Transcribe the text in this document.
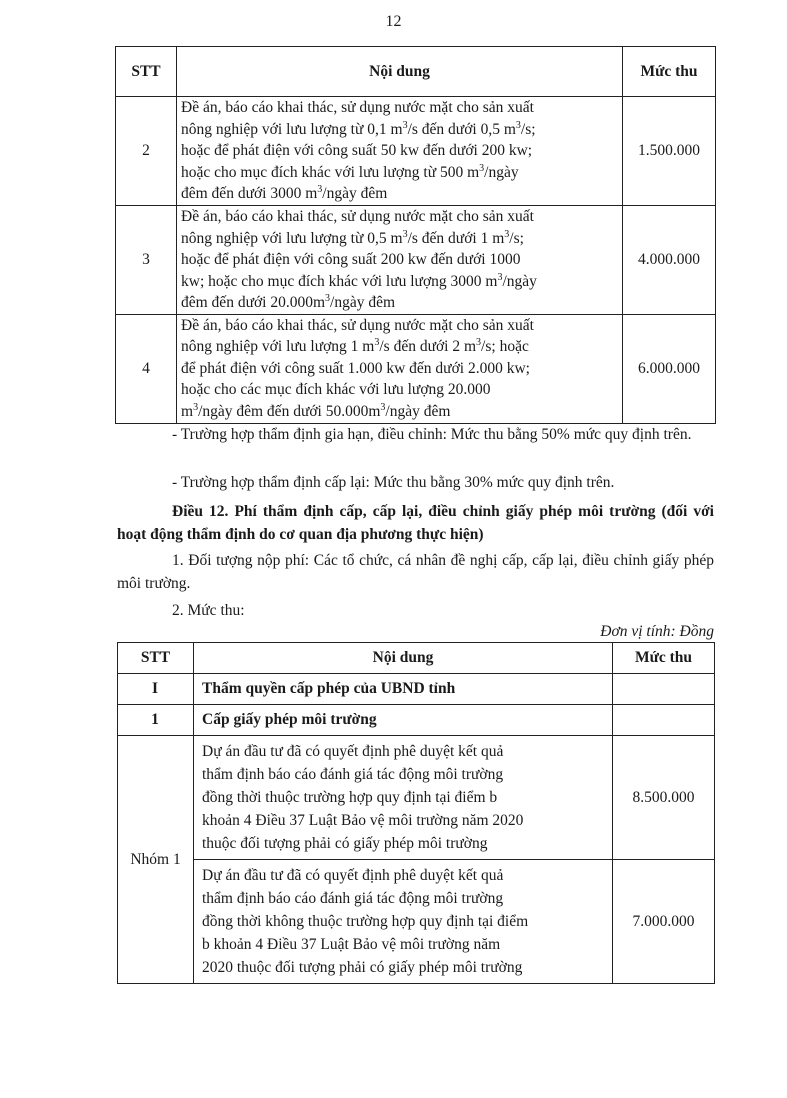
12
STT	Nội dung	Mức thu
2	Đề án, báo cáo khai thác, sử dụng nước mặt cho sản xuất
nông nghiệp với lưu lượng từ 0,1 $m^3/s$ đến dưới 0,5 $m^3/s$;
hoặc để phát điện với công suất 50 kw đến dưới 200 kw;
hoặc cho mục đích khác với lưu lượng từ 500 $m^3$/ngày
đêm đến dưới 3000 $m^3$/ngày đêm	1.500.000
3	Đề án, báo cáo khai thác, sử dụng nước mặt cho sản xuất
nông nghiệp với lưu lượng từ 0,5 $m^3/s$ đến dưới 1 $m^3/s$;
hoặc để phát điện với công suất 200 kw đến dưới 1000
kw; hoặc cho mục đích khác với lưu lượng 3000 $m^3$/ngày
đêm đến dưới $20.000m^3$/ngày đêm	4.000.000
4	Đề án, báo cáo khai thác, sử dụng nước mặt cho sản xuất
nông nghiệp với lưu lượng 1 $m^3/s$ đến dưới 2 $m^3/s$; hoặc
để phát điện với công suất 1.000 kw đến dưới 2.000 kw;
hoặc cho các mục đích khác với lưu lượng 20.000
$m^3$/ngày đêm đến dưới $50.000m^3$/ngày đêm	6.000.000
- Trường hợp thẩm định gia hạn, điều chỉnh: Mức thu bằng 50% mức quy định trên.
- Trường hợp thẩm định cấp lại: Mức thu bằng 30% mức quy định trên.
Điều 12. Phí thẩm định cấp, cấp lại, điều chỉnh giấy phép môi trường (đối với hoạt động thẩm định do cơ quan địa phương thực hiện)
1. Đối tượng nộp phí: Các tổ chức, cá nhân đề nghị cấp, cấp lại, điều chỉnh giấy phép môi trường.
2. Mức thu:
Đơn vị tính: Đồng
STT	Nội dung	Mức thu
I	Thẩm quyền cấp phép của UBND tỉnh	
1	Cấp giấy phép môi trường	
Nhóm 1	Dự án đầu tư đã có quyết định phê duyệt kết quả
thẩm định báo cáo đánh giá tác động môi trường
đồng thời thuộc trường hợp quy định tại điểm b
khoản 4 Điều 37 Luật Bảo vệ môi trường năm 2020
thuộc đối tượng phải có giấy phép môi trường	8.500.000

	Dự án đầu tư đã có quyết định phê duyệt kết quả
thẩm định báo cáo đánh giá tác động môi trường
đồng thời không thuộc trường hợp quy định tại điểm
b khoản 4 Điều 37 Luật Bảo vệ môi trường năm
2020 thuộc đối tượng phải có giấy phép môi trường	7.000.000
